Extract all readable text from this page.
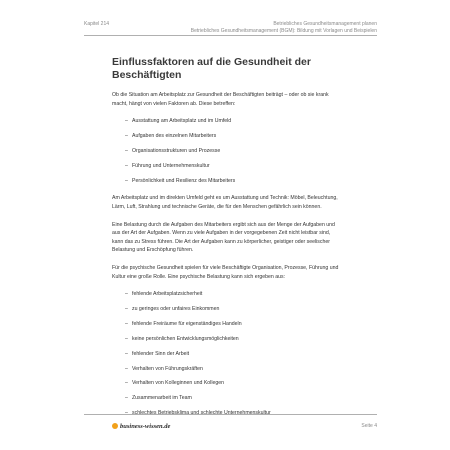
Kapitel 214	Betriebliches Gesundheitsmanagement planen
Betriebliches Gesundheitsmanagement (BGM): Bildung mit Vorlagen und Beispielen
Einflussfaktoren auf die Gesundheit der Beschäftigten

Ob die Situation am Arbeitsplatz zur Gesundheit der Beschäftigten beiträgt – oder ob sie krank macht, hängt von vielen Faktoren ab. Diese betreffen:

– Ausstattung am Arbeitsplatz und im Umfeld
– Aufgaben des einzelnen Mitarbeiters
– Organisationsstrukturen und Prozesse
– Führung und Unternehmenskultur
– Persönlichkeit und Resilienz des Mitarbeiters

Am Arbeitsplatz und im direkten Umfeld geht es um Ausstattung und Technik: Möbel, Beleuchtung, Lärm, Luft, Strahlung und technische Geräte, die für den Menschen gefährlich sein können.

Eine Belastung durch die Aufgaben des Mitarbeiters ergibt sich aus der Menge der Aufgaben und aus der Art der Aufgaben. Wenn zu viele Aufgaben in der vorgegebenen Zeit nicht leistbar sind, kann das zu Stress führen. Die Art der Aufgaben kann zu körperlicher, geistiger oder seelischer Belastung und Erschöpfung führen.

Für die psychische Gesundheit spielen für viele Beschäftigte Organisation, Prozesse, Führung und Kultur eine große Rolle. Eine psychische Belastung kann sich ergeben aus:

– fehlende Arbeitsplatzsicherheit
– zu geringes oder unfaires Einkommen
– fehlende Freiräume für eigenständiges Handeln
– keine persönlichen Entwicklungsmöglichkeiten
– fehlender Sinn der Arbeit
– Verhalten von Führungskräften
– Verhalten von Kolleginnen und Kollegen
– Zusammenarbeit im Team
– schlechtes Betriebsklima und schlechte Unternehmenskultur
business-wissen.de	Seite 4
